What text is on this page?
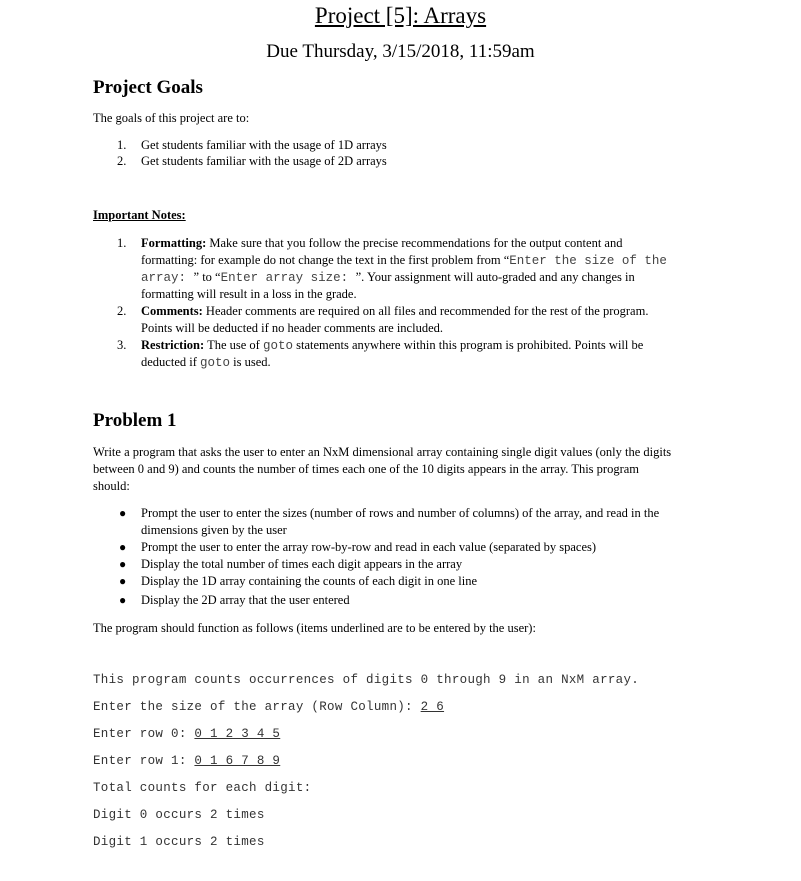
Project [5]: Arrays
Due Thursday, 3/15/2018, 11:59am
Project Goals
The goals of this project are to:
1. Get students familiar with the usage of 1D arrays
2. Get students familiar with the usage of 2D arrays
Important Notes:
1. Formatting: Make sure that you follow the precise recommendations for the output content and
formatting: for example do not change the text in the first problem from “Enter the size of the
array: ” to “Enter array size: ”. Your assignment will auto-graded and any changes in
formatting will result in a loss in the grade.
2. Comments: Header comments are required on all files and recommended for the rest of the program.
Points will be deducted if no header comments are included.
3. Restriction: The use of goto statements anywhere within this program is prohibited. Points will be
deducted if goto is used.
Problem 1
Write a program that asks the user to enter an NxM dimensional array containing single digit values (only the digits
between 0 and 9) and counts the number of times each one of the 10 digits appears in the array. This program
should:
● Prompt the user to enter the sizes (number of rows and number of columns) of the array, and read in the
dimensions given by the user
● Prompt the user to enter the array row-by-row and read in each value (separated by spaces)
● Display the total number of times each digit appears in the array
● Display the 1D array containing the counts of each digit in one line
● Display the 2D array that the user entered
The program should function as follows (items underlined are to be entered by the user):
This program counts occurrences of digits 0 through 9 in an NxM array.
Enter the size of the array (Row Column): 2 6
Enter row 0: 0 1 2 3 4 5
Enter row 1: 0 1 6 7 8 9
Total counts for each digit:
Digit 0 occurs 2 times
Digit 1 occurs 2 times
